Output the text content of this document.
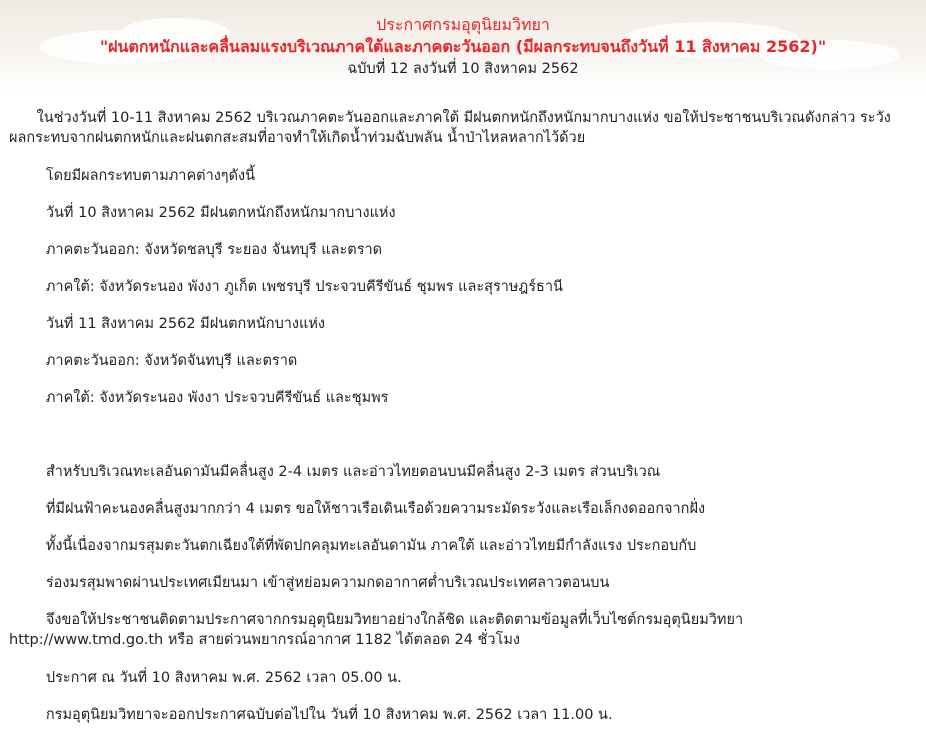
ประกาศกรมอุตุนิยมวิทยา
"ฝนตกหนักและคลื่นลมแรงบริเวณภาคใต้และภาคตะวันออก (มีผลกระทบจนถึงวันที่ 11 สิงหาคม 2562)"
ฉบับที่ 12 ลงวันที่ 10 สิงหาคม 2562
ในช่วงวันที่ 10-11 สิงหาคม 2562 บริเวณภาคตะวันออกและภาคใต้ มีฝนตกหนักถึงหนักมากบางแห่ง ขอให้ประชาชนบริเวณดังกล่าว ระวัง
ผลกระทบจากฝนตกหนักและฝนตกสะสมที่อาจทำให้เกิดน้ำท่วมฉับพลัน น้ำป่าไหลหลากไว้ด้วย
โดยมีผลกระทบตามภาคต่างๆดังนี้
วันที่ 10 สิงหาคม 2562 มีฝนตกหนักถึงหนักมากบางแห่ง
ภาคตะวันออก: จังหวัดชลบุรี ระยอง จันทบุรี และตราด
ภาคใต้: จังหวัดระนอง พังงา ภูเก็ต เพชรบุรี ประจวบคีรีขันธ์ ชุมพร และสุราษฎร์ธานี
วันที่ 11 สิงหาคม 2562 มีฝนตกหนักบางแห่ง
ภาคตะวันออก: จังหวัดจันทบุรี และตราด
ภาคใต้: จังหวัดระนอง พังงา ประจวบคีรีขันธ์ และชุมพร
สำหรับบริเวณทะเลอันดามันมีคลื่นสูง 2-4 เมตร และอ่าวไทยตอนบนมีคลื่นสูง 2-3 เมตร ส่วนบริเวณ
ที่มีฝนฟ้าคะนองคลื่นสูงมากกว่า 4 เมตร ขอให้ชาวเรือเดินเรือด้วยความระมัดระวังและเรือเล็กงดออกจากฝั่ง
ทั้งนี้เนื่องจากมรสุมตะวันตกเฉียงใต้ที่พัดปกคลุมทะเลอันดามัน ภาคใต้ และอ่าวไทยมีกำลังแรง ประกอบกับ
ร่องมรสุมพาดผ่านประเทศเมียนมา เข้าสู่หย่อมความกดอากาศต่ำบริเวณประเทศลาวตอนบน
จึงขอให้ประชาชนติดตามประกาศจากกรมอุตุนิยมวิทยาอย่างใกล้ชิด และติดตามข้อมูลที่เว็บไซต์กรมอุตุนิยมวิทยา
http://www.tmd.go.th หรือ สายด่วนพยากรณ์อากาศ 1182 ได้ตลอด 24 ชั่วโมง
ประกาศ ณ วันที่ 10 สิงหาคม พ.ศ. 2562 เวลา 05.00 น.
กรมอุตุนิยมวิทยาจะออกประกาศฉบับต่อไปใน วันที่ 10 สิงหาคม พ.ศ. 2562 เวลา 11.00 น.
